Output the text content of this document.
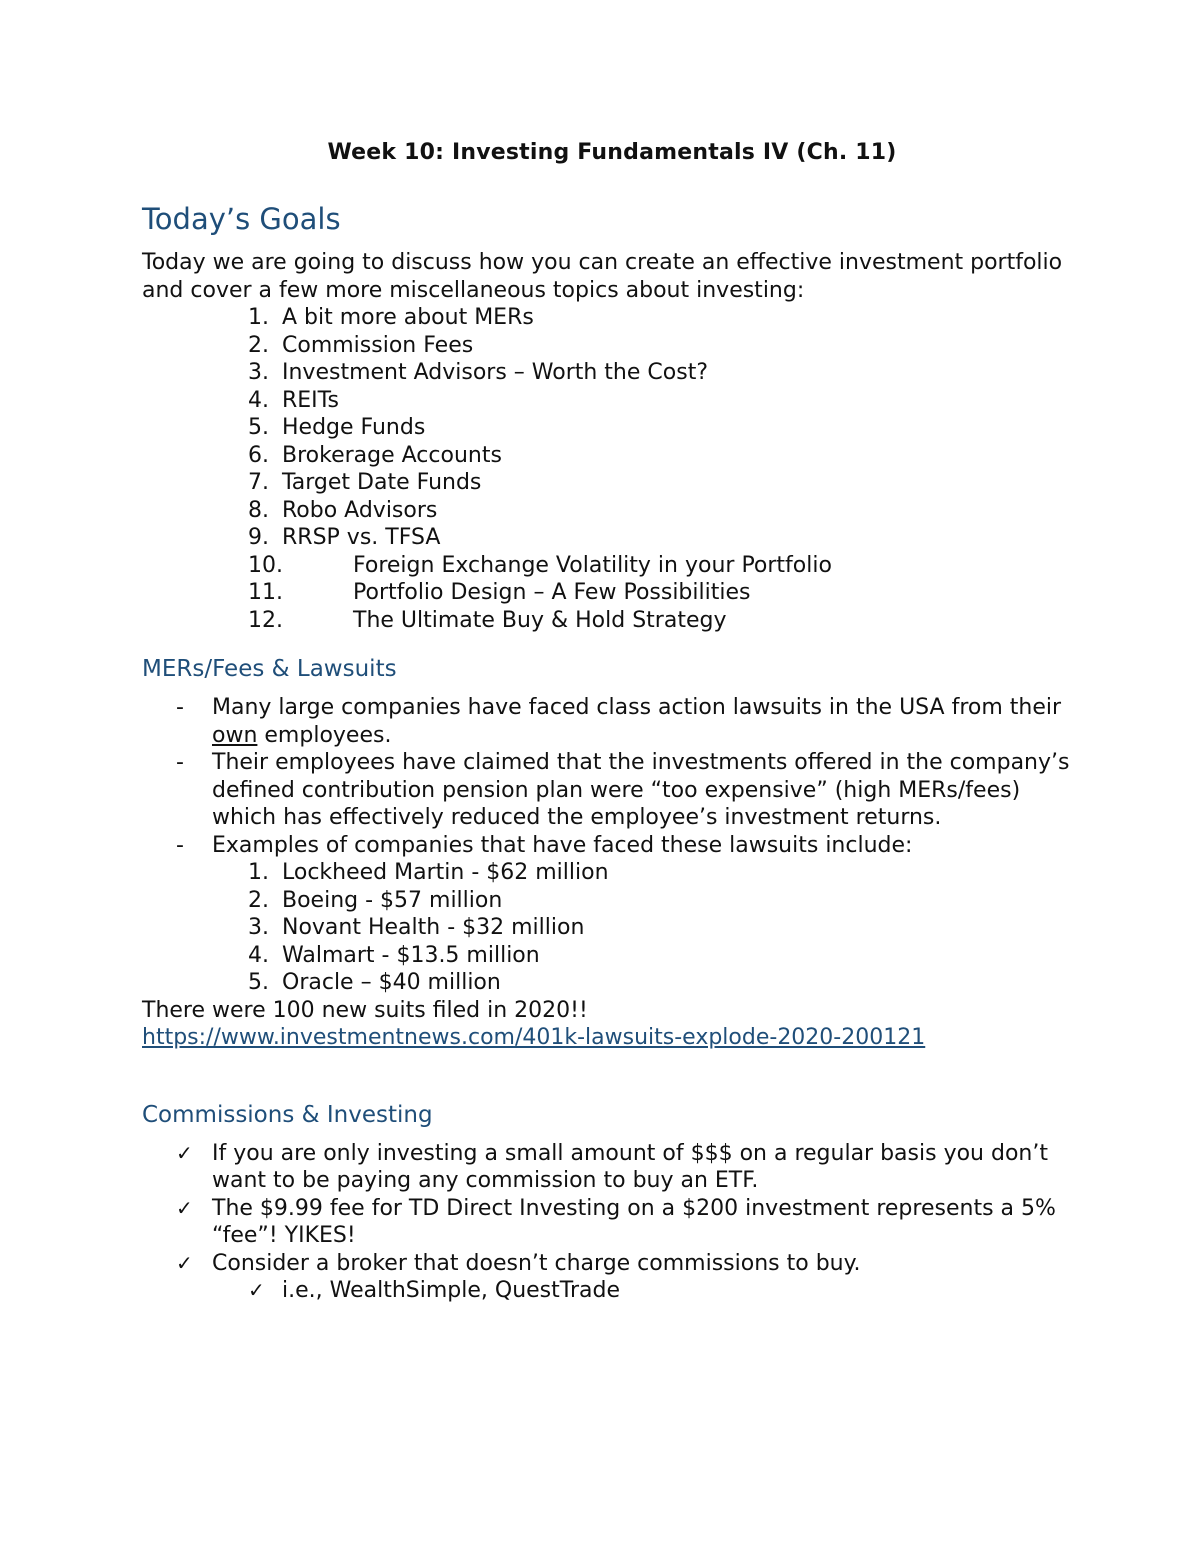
Week 10: Investing Fundamentals IV (Ch. 11)
Today’s Goals

Today we are going to discuss how you can create an effective investment portfolio and cover a few more miscellaneous topics about investing:

1. A bit more about MERs
2. Commission Fees
3. Investment Advisors – Worth the Cost?
4. REITs
5. Hedge Funds
6. Brokerage Accounts
7. Target Date Funds
8. Robo Advisors
9. RRSP vs. TFSA
10.	Foreign Exchange Volatility in your Portfolio
11.	Portfolio Design – A Few Possibilities
12.	The Ultimate Buy & Hold Strategy
MERs/Fees & Lawsuits
- Many large companies have faced class action lawsuits in the USA from their own employees.
- Their employees have claimed that the investments offered in the company’s defined contribution pension plan were “too expensive” (high MERs/fees) which has effectively reduced the employee’s investment returns.
- Examples of companies that have faced these lawsuits include:
1. Lockheed Martin - $62 million
2. Boeing - $57 million
3. Novant Health - $32 million
4. Walmart - $13.5 million
5. Oracle – $40 million

There were 100 new suits filed in 2020!!

https://www.investmentnews.com/401k-lawsuits-explode-2020-200121
Commissions & Investing
✓ If you are only investing a small amount of $$$ on a regular basis you don’t want to be paying any commission to buy an ETF.
✓ The $9.99 fee for TD Direct Investing on a $200 investment represents a 5% “fee”! YIKES!
✓ Consider a broker that doesn’t charge commissions to buy.
✓ i.e., WealthSimple, QuestTrade
